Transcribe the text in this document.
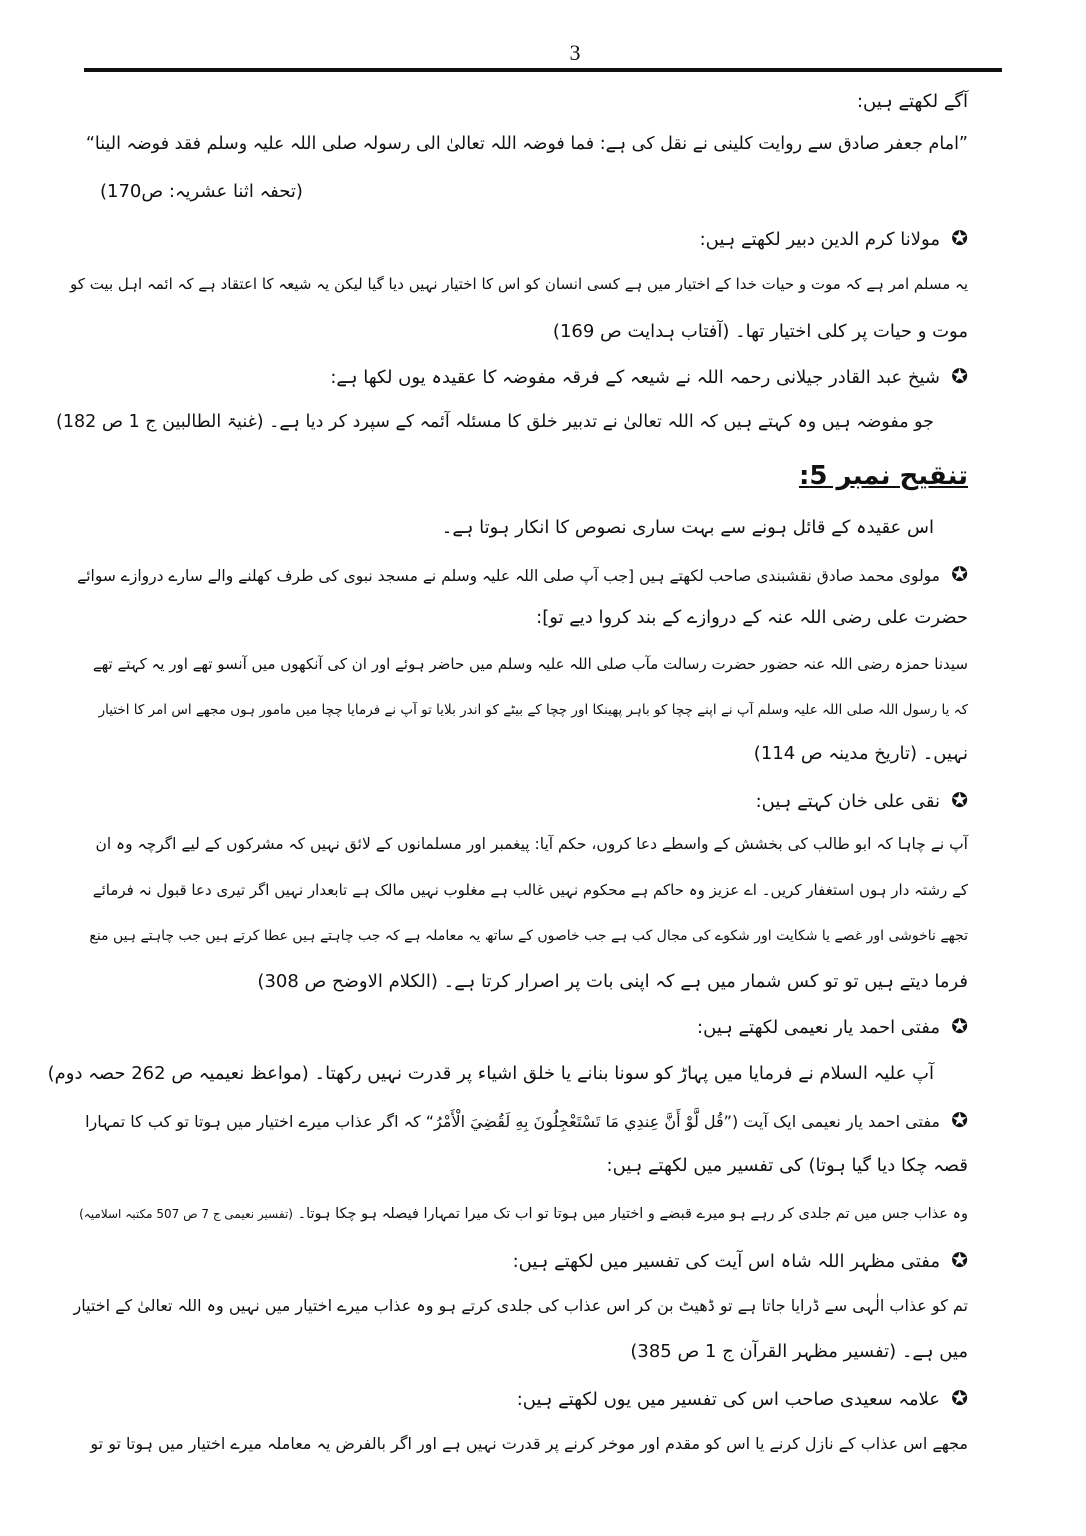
3
آگے لکھتے ہیں:
”امام جعفر صادق سے روایت کلینی نے نقل کی ہے: فما فوضہ اللہ تعالیٰ الی رسولہ صلی اللہ علیہ وسلم فقد فوضہ الینا“
(تحفہ اثنا عشریہ: ص170)
✪مولانا کرم الدین دبیر لکھتے ہیں:
یہ مسلم امر ہے کہ موت و حیات خدا کے اختیار میں ہے کسی انسان کو اس کا اختیار نہیں دیا گیا لیکن یہ شیعہ کا اعتقاد ہے کہ ائمہ اہل بیت کو
موت و حیات پر کلی اختیار تھا۔ (آفتاب ہدایت ص 169)
✪شیخ عبد القادر جیلانی رحمہ اللہ نے شیعہ کے فرقہ مفوضہ کا عقیدہ یوں لکھا ہے:
جو مفوضہ ہیں وہ کہتے ہیں کہ اللہ تعالیٰ نے تدبیر خلق کا مسئلہ آئمہ کے سپرد کر دیا ہے۔ (غنیۃ الطالبین ج 1 ص 182)
تنقیح نمبر 5:
اس عقیدہ کے قائل ہونے سے بہت ساری نصوص کا انکار ہوتا ہے۔
✪مولوی محمد صادق نقشبندی صاحب لکھتے ہیں [جب آپ صلی اللہ علیہ وسلم نے مسجد نبوی کی طرف کھلنے والے سارے دروازے سوائے
حضرت علی رضی اللہ عنہ کے دروازے کے بند کروا دیے تو]:
سیدنا حمزہ رضی اللہ عنہ حضور حضرت رسالت مآب صلی اللہ علیہ وسلم میں حاضر ہوئے اور ان کی آنکھوں میں آنسو تھے اور یہ کہتے تھے
کہ یا رسول اللہ صلی اللہ علیہ وسلم آپ نے اپنے چچا کو باہر پھینکا اور چچا کے بیٹے کو اندر بلایا تو آپ نے فرمایا چچا میں مامور ہوں مجھے اس امر کا اختیار
نہیں۔ (تاریخ مدینہ ص 114)
✪نقی علی خان کہتے ہیں:
آپ نے چاہا کہ ابو طالب کی بخشش کے واسطے دعا کروں، حکم آیا: پیغمبر اور مسلمانوں کے لائق نہیں کہ مشرکوں کے لیے اگرچہ وہ ان
کے رشتہ دار ہوں استغفار کریں۔ اے عزیز وہ حاکم ہے محکوم نہیں غالب ہے مغلوب نہیں مالک ہے تابعدار نہیں اگر تیری دعا قبول نہ فرمائے
تجھے ناخوشی اور غصے یا شکایت اور شکوے کی مجال کب ہے جب خاصوں کے ساتھ یہ معاملہ ہے کہ جب چاہتے ہیں عطا کرتے ہیں جب چاہتے ہیں منع
فرما دیتے ہیں تو تو کس شمار میں ہے کہ اپنی بات پر اصرار کرتا ہے۔ (الکلام الاوضح ص 308)
✪مفتی احمد یار نعیمی لکھتے ہیں:
آپ علیہ السلام نے فرمایا میں پہاڑ کو سونا بنانے یا خلق اشیاء پر قدرت نہیں رکھتا۔ (مواعظ نعیمیہ ص 262 حصہ دوم)
✪مفتی احمد یار نعیمی ایک آیت (”قُل لَّوْ أَنَّ عِندِي مَا تَسْتَعْجِلُونَ بِهِ لَقُضِيَ الْأَمْرُ“ کہ اگر عذاب میرے اختیار میں ہوتا تو کب کا تمہارا
قصہ چکا دیا گیا ہوتا) کی تفسیر میں لکھتے ہیں:
وہ عذاب جس میں تم جلدی کر رہے ہو میرے قبضے و اختیار میں ہوتا تو اب تک میرا تمہارا فیصلہ ہو چکا ہوتا۔ (تفسیر نعیمی ج 7 ص 507 مکتبہ اسلامیہ)
✪مفتی مظہر اللہ شاہ اس آیت کی تفسیر میں لکھتے ہیں:
تم کو عذاب الٰہی سے ڈرایا جاتا ہے تو ڈھیٹ بن کر اس عذاب کی جلدی کرتے ہو وہ عذاب میرے اختیار میں نہیں وہ اللہ تعالیٰ کے اختیار
میں ہے۔ (تفسیر مظہر القرآن ج 1 ص 385)
✪علامہ سعیدی صاحب اس کی تفسیر میں یوں لکھتے ہیں:
مجھے اس عذاب کے نازل کرنے یا اس کو مقدم اور موخر کرنے پر قدرت نہیں ہے اور اگر بالفرض یہ معاملہ میرے اختیار میں ہوتا تو تو
